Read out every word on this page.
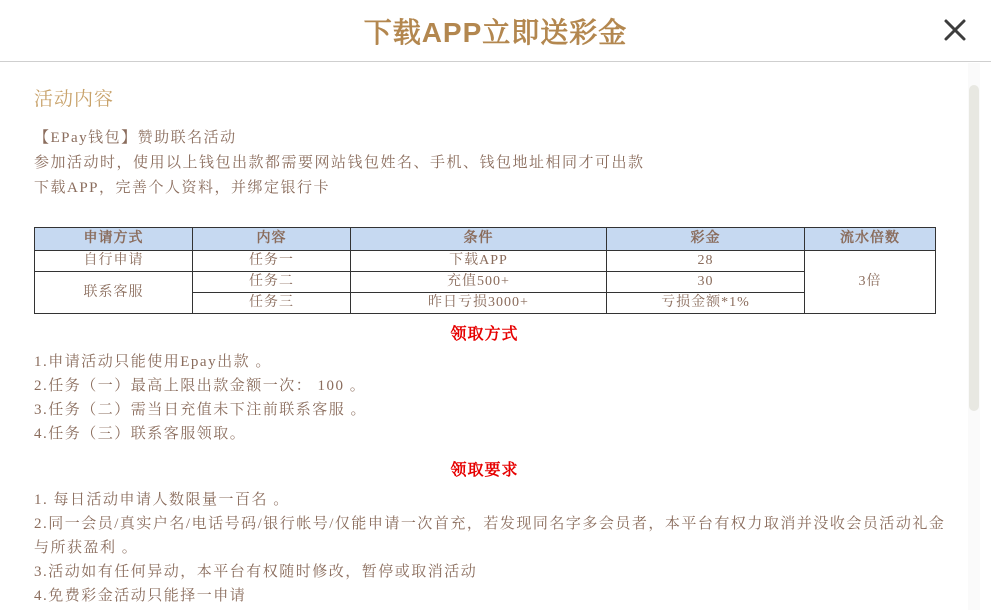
下载APP立即送彩金
活动内容

【EPay钱包】赞助联名活动

参加活动时，使用以上钱包出款都需要网站钱包姓名、手机、钱包地址相同才可出款

下载APP，完善个人资料，并绑定银行卡

申请方式	内容	条件	彩金	流水倍数
自行申请	任务一	下载APP	28	3倍
联系客服	任务二	充值500+	30	
	任务三	昨日亏损3000+	亏损金额*1%	
领取方式
1.申请活动只能使用Epay出款 。
2.任务（一）最高上限出款金额一次： 100 。
3.任务（二）需当日充值未下注前联系客服 。
4.任务（三）联系客服领取。
领取要求
1. 每日活动申请人数限量一百名 。
2.同一会员/真实户名/电话号码/银行帐号/仅能申请一次首充，若发现同名字多会员者，本平台有权力取消并没收会员活动礼金与所获盈利 。
3.活动如有任何异动，本平台有权随时修改，暂停或取消活动
4.免费彩金活动只能择一申请
